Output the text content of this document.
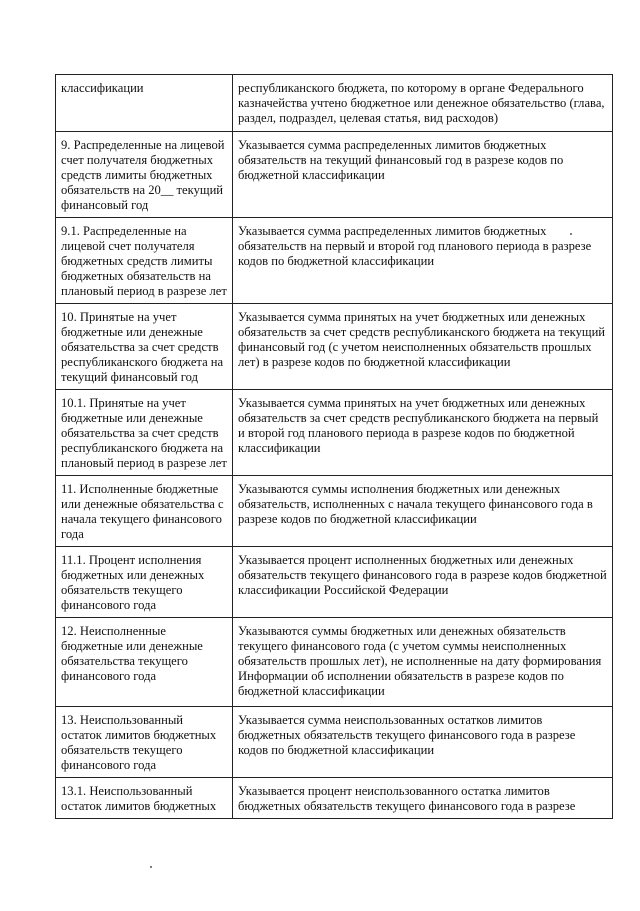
классификации	республиканского бюджета, по которому в органе Федерального казначейства учтено бюджетное или денежное обязательство (глава, раздел, подраздел, целевая статья, вид расходов)
9. Распределенные на лицевой счет получателя бюджетных средств лимиты бюджетных обязательств на 20__ текущий финансовый год	Указывается сумма распределенных лимитов бюджетных обязательств на текущий финансовый год в разрезе кодов по бюджетной классификации
9.1. Распределенные на лицевой счет получателя бюджетных средств лимиты бюджетных обязательств на плановый период в разрезе лет	Указывается сумма распределенных лимитов бюджетных обязательств на первый и второй год планового периода в разрезе кодов по бюджетной классификации
10. Принятые на учет бюджетные или денежные обязательства за счет средств республиканского бюджета на текущий финансовый год	Указывается сумма принятых на учет бюджетных или денежных обязательств за счет средств республиканского бюджета на текущий финансовый год (с учетом неисполненных обязательств прошлых лет) в разрезе кодов по бюджетной классификации
10.1. Принятые на учет бюджетные или денежные обязательства за счет средств республиканского бюджета на плановый период в разрезе лет	Указывается сумма принятых на учет бюджетных или денежных обязательств за счет средств республиканского бюджета на первый и второй год планового периода в разрезе кодов по бюджетной классификации
11. Исполненные бюджетные или денежные обязательства с начала текущего финансового года	Указываются суммы исполнения бюджетных или денежных обязательств, исполненных с начала текущего финансового года в разрезе кодов по бюджетной классификации
11.1. Процент исполнения бюджетных или денежных обязательств текущего финансового года	Указывается процент исполненных бюджетных или денежных обязательств текущего финансового года в разрезе кодов бюджетной классификации Российской Федерации
12. Неисполненные бюджетные или денежные обязательства текущего финансового года	Указываются суммы бюджетных или денежных обязательств текущего финансового года (с учетом суммы неисполненных обязательств прошлых лет), не исполненные на дату формирования Информации об исполнении обязательств в разрезе кодов по бюджетной классификации
13. Неиспользованный остаток лимитов бюджетных обязательств текущего финансового года	Указывается сумма неиспользованных остатков лимитов бюджетных обязательств текущего финансового года в разрезе кодов по бюджетной классификации
13.1. Неиспользованный остаток лимитов бюджетных	Указывается процент неиспользованного остатка лимитов бюджетных обязательств текущего финансового года в разрезе
